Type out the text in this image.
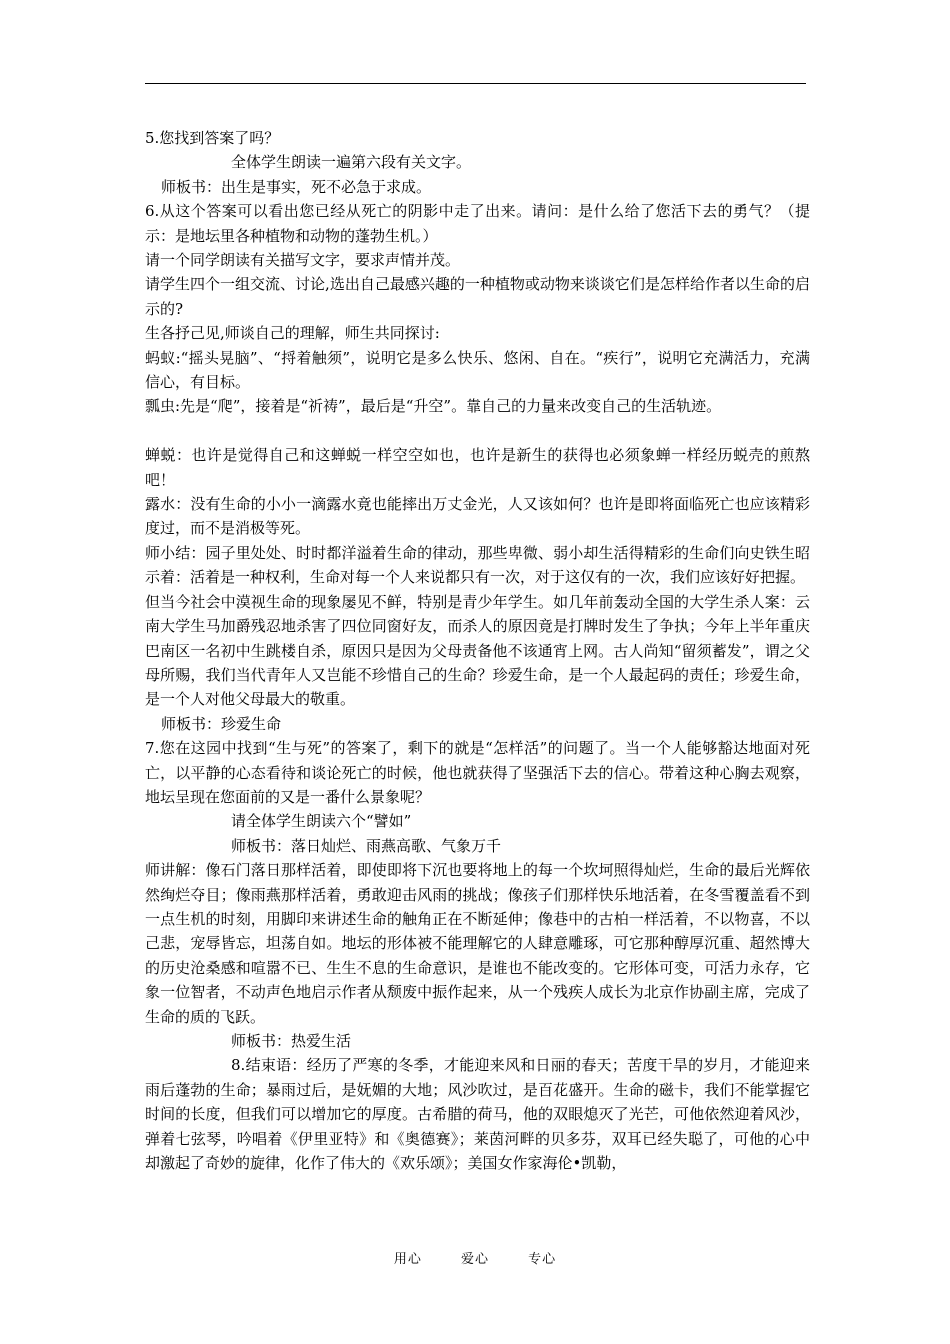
5.您找到答案了吗？

全体学生朗读一遍第六段有关文字。

师板书：出生是事实，死不必急于求成。

6.从这个答案可以看出您已经从死亡的阴影中走了出来。请问：是什么给了您活下去的勇气？（提示：是地坛里各种植物和动物的蓬勃生机。）

请一个同学朗读有关描写文字，要求声情并茂。

请学生四个一组交流、讨论,选出自己最感兴趣的一种植物或动物来谈谈它们是怎样给作者以生命的启示的?

生各抒己见,师谈自己的理解，师生共同探讨:

蚂蚁:“摇头晃脑”、“捋着触须”，说明它是多么快乐、悠闲、自在。“疾行”，说明它充满活力，充满信心，有目标。

瓢虫:先是“爬”，接着是“祈祷”，最后是“升空”。靠自己的力量来改变自己的生活轨迹。

蝉蜕：也许是觉得自己和这蝉蜕一样空空如也，也许是新生的获得也必须象蝉一样经历蜕壳的煎熬吧！

露水：没有生命的小小一滴露水竟也能摔出万丈金光，人又该如何？也许是即将面临死亡也应该精彩度过，而不是消极等死。

师小结：园子里处处、时时都洋溢着生命的律动，那些卑微、弱小却生活得精彩的生命们向史铁生昭示着：活着是一种权利，生命对每一个人来说都只有一次，对于这仅有的一次，我们应该好好把握。

但当今社会中漠视生命的现象屡见不鲜，特别是青少年学生。如几年前轰动全国的大学生杀人案：云南大学生马加爵残忍地杀害了四位同窗好友，而杀人的原因竟是打牌时发生了争执；今年上半年重庆巴南区一名初中生跳楼自杀，原因只是因为父母责备他不该通宵上网。古人尚知“留须蓄发”，谓之父母所赐，我们当代青年人又岂能不珍惜自己的生命？珍爱生命，是一个人最起码的责任；珍爱生命，是一个人对他父母最大的敬重。

师板书：珍爱生命

7.您在这园中找到“生与死”的答案了，剩下的就是“怎样活”的问题了。当一个人能够豁达地面对死亡，以平静的心态看待和谈论死亡的时候，他也就获得了坚强活下去的信心。带着这种心胸去观察，地坛呈现在您面前的又是一番什么景象呢？

请全体学生朗读六个“譬如”

师板书：落日灿烂、雨燕高歌、气象万千

师讲解：像石门落日那样活着，即使即将下沉也要将地上的每一个坎坷照得灿烂，生命的最后光辉依然绚烂夺目；像雨燕那样活着，勇敢迎击风雨的挑战；像孩子们那样快乐地活着，在冬雪覆盖看不到一点生机的时刻，用脚印来讲述生命的触角正在不断延伸；像巷中的古柏一样活着，不以物喜，不以己悲，宠辱皆忘，坦荡自如。地坛的形体被不能理解它的人肆意雕琢，可它那种醇厚沉重、超然博大的历史沧桑感和喧嚣不已、生生不息的生命意识，是谁也不能改变的。它形体可变，可活力永存，它象一位智者，不动声色地启示作者从颓废中振作起来，从一个残疾人成长为北京作协副主席，完成了生命的质的飞跃。

师板书：热爱生活

8.结束语：经历了严寒的冬季，才能迎来风和日丽的春天；苦度干旱的岁月，才能迎来雨后蓬勃的生命；暴雨过后，是妩媚的大地；风沙吹过，是百花盛开。生命的磁卡，我们不能掌握它时间的长度，但我们可以增加它的厚度。古希腊的荷马，他的双眼熄灭了光芒，可他依然迎着风沙，弹着七弦琴，吟唱着《伊里亚特》和《奥德赛》；莱茵河畔的贝多芬，双耳已经失聪了，可他的心中却激起了奇妙的旋律，化作了伟大的《欢乐颂》；美国女作家海伦•凯勒，

用心	爱心	专心
